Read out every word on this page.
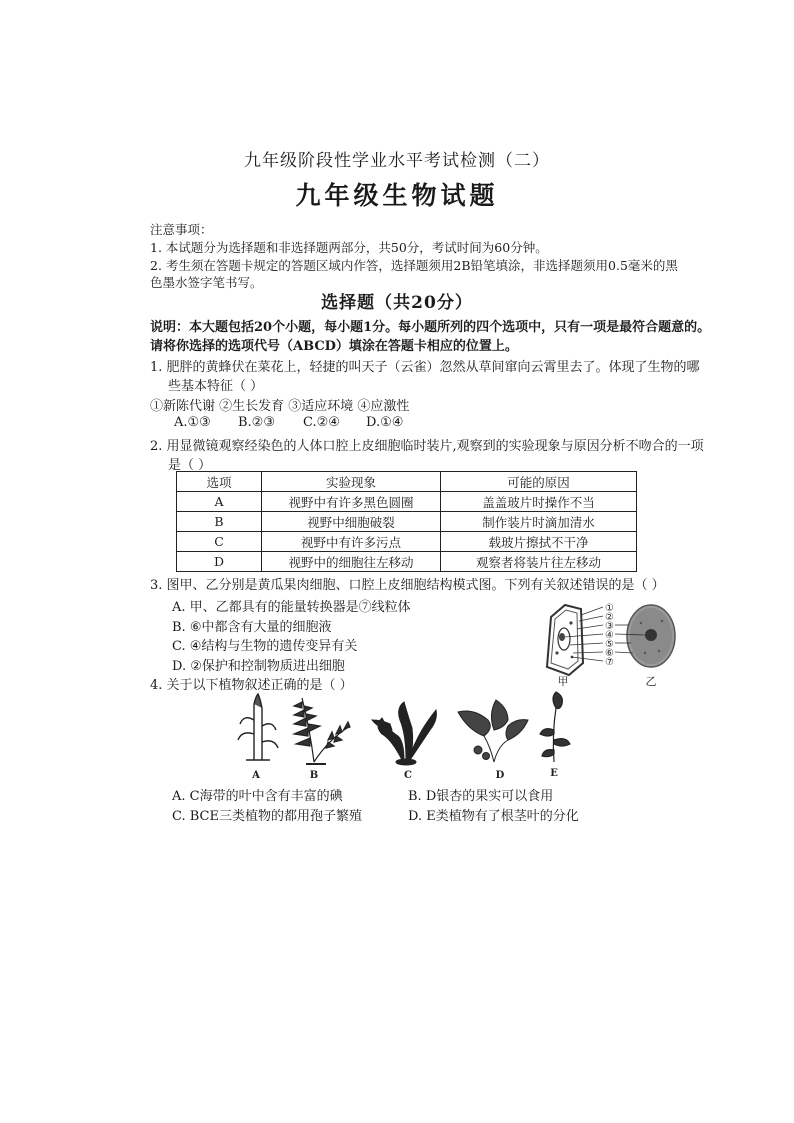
九年级阶段性学业水平考试检测（二）
九年级生物试题
注意事项：
1. 本试题分为选择题和非选择题两部分，共50分，考试时间为60分钟。
2. 考生须在答题卡规定的答题区域内作答，选择题须用2B铅笔填涂，非选择题须用0.5毫米的黑
色墨水签字笔书写。
选择题（共20分）
说明：本大题包括20个小题，每小题1分。每小题所列的四个选项中，只有一项是最符合题意的。
请将你选择的选项代号（ABCD）填涂在答题卡相应的位置上。
1. 肥胖的黄蜂伏在菜花上，轻捷的叫天子（云雀）忽然从草间窜向云霄里去了。体现了生物的哪
些基本特征（ ）
①新陈代谢 ②生长发育 ③适应环境 ④应激性
A.①③ B.②③ C.②④ D.①④
2. 用显微镜观察经染色的人体口腔上皮细胞临时装片,观察到的实验现象与原因分析不吻合的一项
是（ ）
选项	实验现象	可能的原因
A	视野中有许多黑色圆圈	盖盖玻片时操作不当
B	视野中细胞破裂	制作装片时滴加清水
C	视野中有许多污点	载玻片擦拭不干净
D	视野中的细胞往左移动	观察者将装片往左移动
3. 图甲、乙分别是黄瓜果肉细胞、口腔上皮细胞结构模式图。下列有关叙述错误的是（ ）
A. 甲、乙都具有的能量转换器是⑦线粒体
B. ⑥中都含有大量的细胞液
C. ④结构与生物的遗传变异有关
D. ②保护和控制物质进出细胞
①
②
③
④
⑤
⑥
⑦
甲	乙
4. 关于以下植物叙述正确的是（ ）
A	B	C	D	E
A. C海带的叶中含有丰富的碘	B. D银杏的果实可以食用
C. BCE三类植物的都用孢子繁殖	D. E类植物有了根茎叶的分化
